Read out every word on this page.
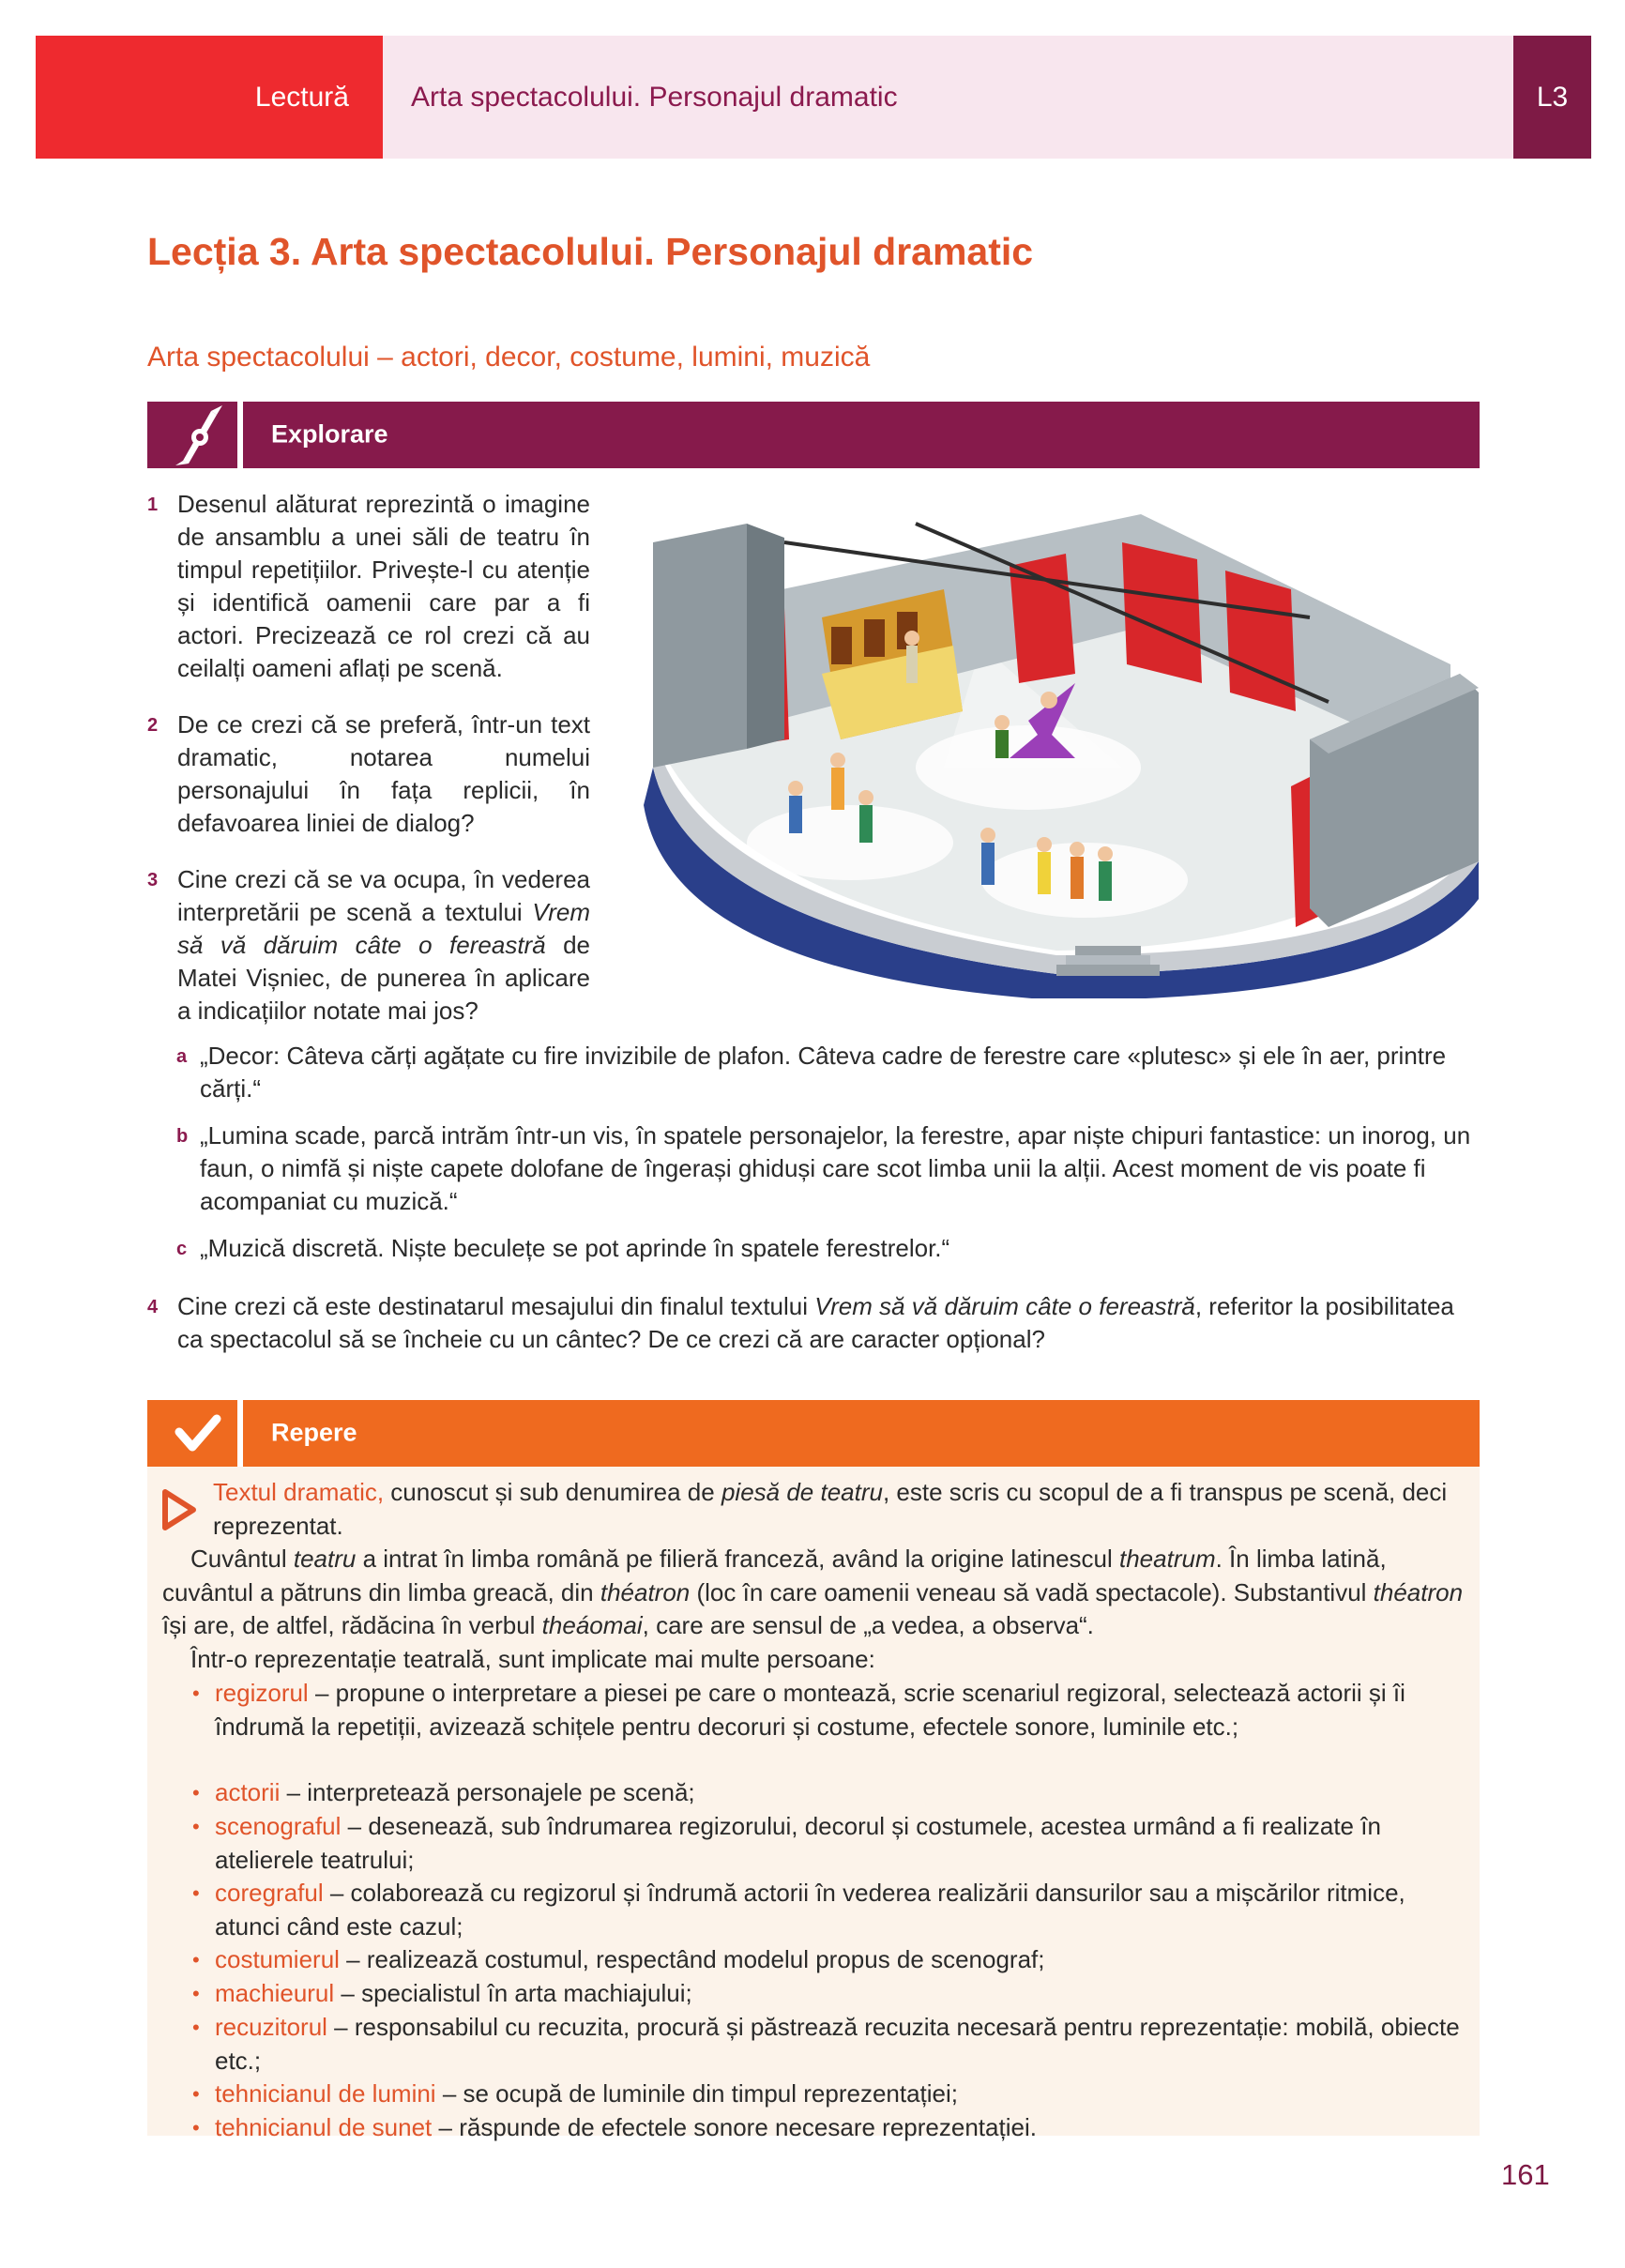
Lectură Arta spectacolului. Personajul dramatic	L3
Lecția 3. Arta spectacolului. Personajul dramatic
Arta spectacolului – actori, decor, costume, lumini, muzică
Explorare
1 Desenul alăturat reprezintă o imagine de ansamblu a unei săli de teatru în timpul repetițiilor. Privește-l cu atenție și identifică oamenii care par a fi actori. Precizează ce rol crezi că au ceilalți oameni aflați pe scenă.
2 De ce crezi că se preferă, într-un text dramatic, notarea numelui personajului în fața replicii, în defavoarea liniei de dialog?
3 Cine crezi că se va ocupa, în vederea interpretării pe scenă a textului Vrem să vă dăruim câte o fereastră de Matei Vișniec, de punerea în aplicare a indicațiilor notate mai jos?
a „Decor: Câteva cărți agățate cu fire invizibile de plafon. Câteva cadre de ferestre care «plutesc» și ele în aer, printre cărți.“
b „Lumina scade, parcă intrăm într-un vis, în spatele personajelor, la ferestre, apar niște chipuri fantastice: un inorog, un faun, o nimfă și niște capete dolofane de îngerași ghiduși care scot limba unii la alții. Acest moment de vis poate fi acompaniat cu muzică.“
c „Muzică discretă. Niște beculețe se pot aprinde în spatele ferestrelor.“
4 Cine crezi că este destinatarul mesajului din finalul textului Vrem să vă dăruim câte o fereastră, referitor la posibilitatea ca spectacolul să se încheie cu un cântec? De ce crezi că are caracter opțional?
Repere
Textul dramatic, cunoscut și sub denumirea de piesă de teatru, este scris cu scopul de a fi transpus pe scenă, deci reprezentat.
Cuvântul teatru a intrat în limba română pe filieră franceză, având la origine latinescul theatrum. În limba latină, cuvântul a pătruns din limba greacă, din théatron (loc în care oamenii veneau să vadă spectacole). Substantivul théatron își are, de altfel, rădăcina în verbul theáomai, care are sensul de „a vedea, a observa“.
Într-o reprezentație teatrală, sunt implicate mai multe persoane:
• regizorul – propune o interpretare a piesei pe care o montează, scrie scenariul regizoral, selectează actorii și îi îndrumă la repetiții, avizează schițele pentru decoruri și costume, efectele sonore, luminile etc.;
• actorii – interpretează personajele pe scenă;
• scenograful – desenează, sub îndrumarea regizorului, decorul și costumele, acestea urmând a fi realizate în atelierele teatrului;
• coregraful – colaborează cu regizorul și îndrumă actorii în vederea realizării dansurilor sau a mișcărilor ritmice, atunci când este cazul;
• costumierul – realizează costumul, respectând modelul propus de scenograf;
• machieurul – specialistul în arta machiajului;
• recuzitorul – responsabilul cu recuzita, procură și păstrează recuzita necesară pentru reprezentație: mobilă, obiecte etc.;
• tehnicianul de lumini – se ocupă de luminile din timpul reprezentației;
• tehnicianul de sunet – răspunde de efectele sonore necesare reprezentației.
161
